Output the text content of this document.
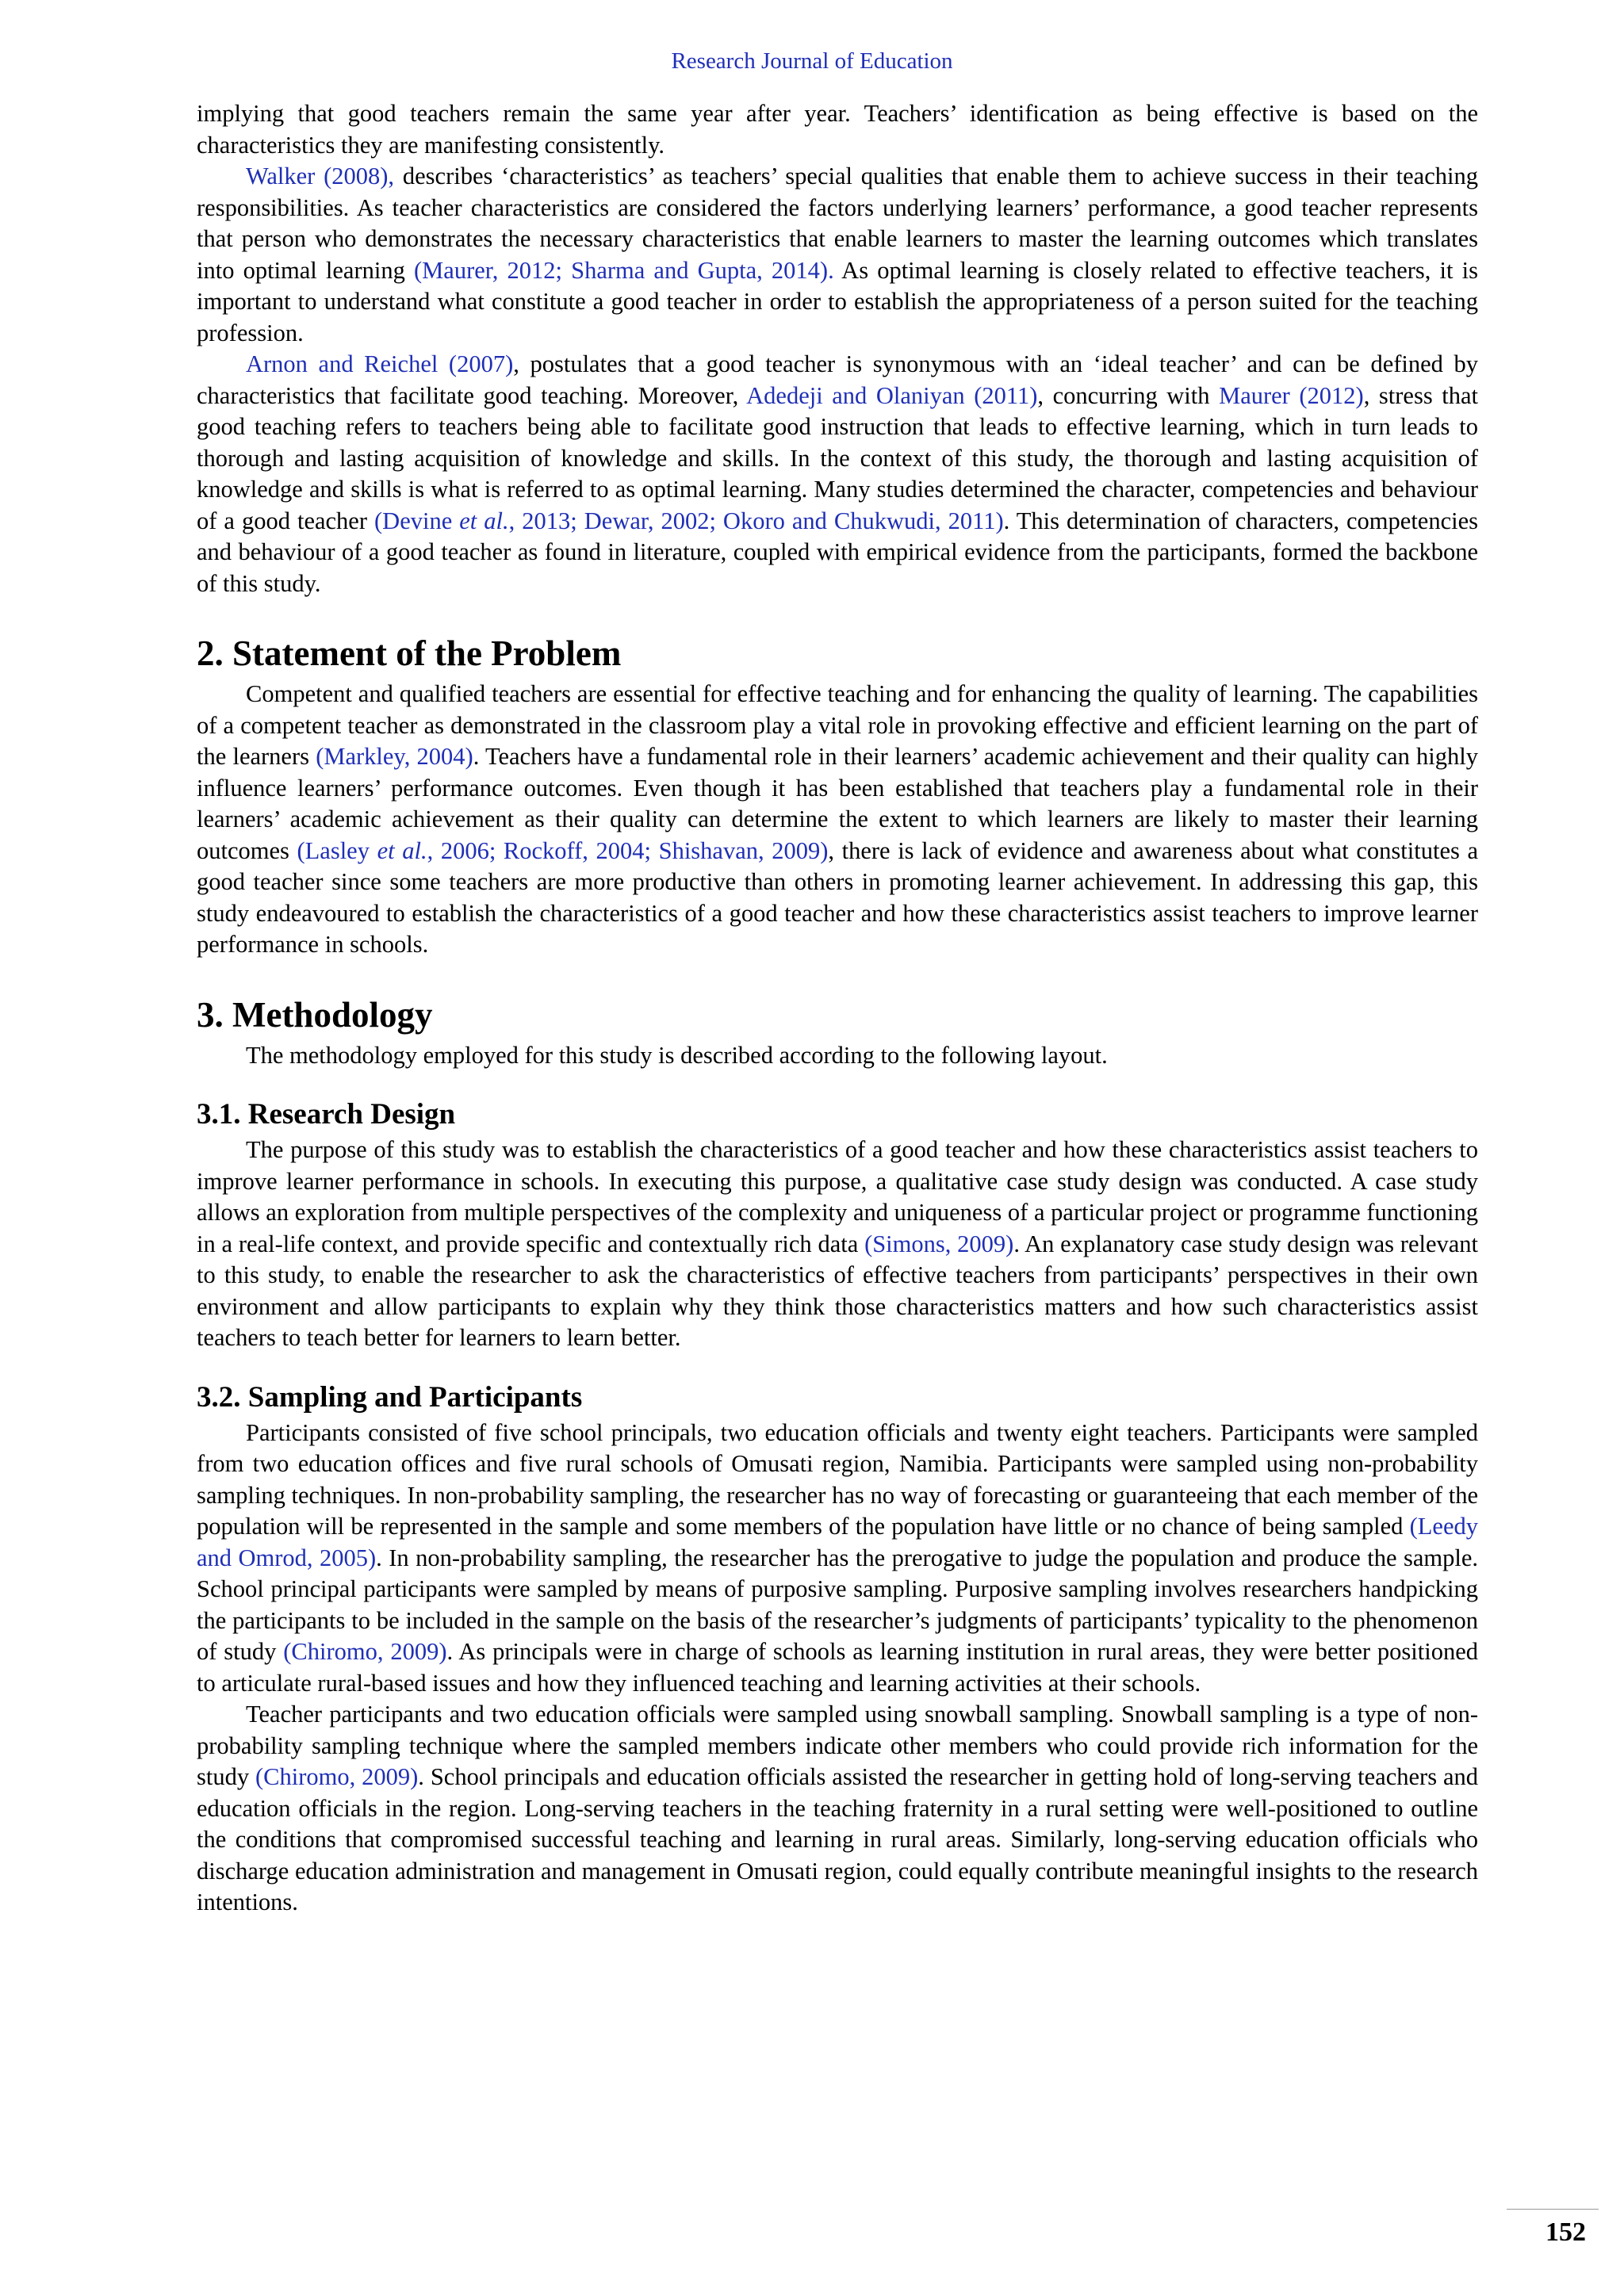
Research Journal of Education

implying that good teachers remain the same year after year. Teachers’ identification as being effective is based on the characteristics they are manifesting consistently.

Walker (2008), describes ‘characteristics’ as teachers’ special qualities that enable them to achieve success in their teaching responsibilities. As teacher characteristics are considered the factors underlying learners’ performance, a good teacher represents that person who demonstrates the necessary characteristics that enable learners to master the learning outcomes which translates into optimal learning (Maurer, 2012; Sharma and Gupta, 2014). As optimal learning is closely related to effective teachers, it is important to understand what constitute a good teacher in order to establish the appropriateness of a person suited for the teaching profession.

Arnon and Reichel (2007), postulates that a good teacher is synonymous with an ‘ideal teacher’ and can be defined by characteristics that facilitate good teaching. Moreover, Adedeji and Olaniyan (2011), concurring with Maurer (2012), stress that good teaching refers to teachers being able to facilitate good instruction that leads to effective learning, which in turn leads to thorough and lasting acquisition of knowledge and skills. In the context of this study, the thorough and lasting acquisition of knowledge and skills is what is referred to as optimal learning. Many studies determined the character, competencies and behaviour of a good teacher (Devine et al., 2013; Dewar, 2002; Okoro and Chukwudi, 2011). This determination of characters, competencies and behaviour of a good teacher as found in literature, coupled with empirical evidence from the participants, formed the backbone of this study.

2. Statement of the Problem

Competent and qualified teachers are essential for effective teaching and for enhancing the quality of learning. The capabilities of a competent teacher as demonstrated in the classroom play a vital role in provoking effective and efficient learning on the part of the learners (Markley, 2004). Teachers have a fundamental role in their learners’ academic achievement and their quality can highly influence learners’ performance outcomes. Even though it has been established that teachers play a fundamental role in their learners’ academic achievement as their quality can determine the extent to which learners are likely to master their learning outcomes (Lasley et al., 2006; Rockoff, 2004; Shishavan, 2009), there is lack of evidence and awareness about what constitutes a good teacher since some teachers are more productive than others in promoting learner achievement. In addressing this gap, this study endeavoured to establish the characteristics of a good teacher and how these characteristics assist teachers to improve learner performance in schools.

3. Methodology

The methodology employed for this study is described according to the following layout.

3.1. Research Design

The purpose of this study was to establish the characteristics of a good teacher and how these characteristics assist teachers to improve learner performance in schools. In executing this purpose, a qualitative case study design was conducted. A case study allows an exploration from multiple perspectives of the complexity and uniqueness of a particular project or programme functioning in a real-life context, and provide specific and contextually rich data (Simons, 2009). An explanatory case study design was relevant to this study, to enable the researcher to ask the characteristics of effective teachers from participants’ perspectives in their own environment and allow participants to explain why they think those characteristics matters and how such characteristics assist teachers to teach better for learners to learn better.

3.2. Sampling and Participants

Participants consisted of five school principals, two education officials and twenty eight teachers. Participants were sampled from two education offices and five rural schools of Omusati region, Namibia. Participants were sampled using non-probability sampling techniques. In non-probability sampling, the researcher has no way of forecasting or guaranteeing that each member of the population will be represented in the sample and some members of the population have little or no chance of being sampled (Leedy and Omrod, 2005). In non-probability sampling, the researcher has the prerogative to judge the population and produce the sample. School principal participants were sampled by means of purposive sampling. Purposive sampling involves researchers handpicking the participants to be included in the sample on the basis of the researcher’s judgments of participants’ typicality to the phenomenon of study (Chiromo, 2009). As principals were in charge of schools as learning institution in rural areas, they were better positioned to articulate rural-based issues and how they influenced teaching and learning activities at their schools.

Teacher participants and two education officials were sampled using snowball sampling. Snowball sampling is a type of non-probability sampling technique where the sampled members indicate other members who could provide rich information for the study (Chiromo, 2009). School principals and education officials assisted the researcher in getting hold of long-serving teachers and education officials in the region. Long-serving teachers in the teaching fraternity in a rural setting were well-positioned to outline the conditions that compromised successful teaching and learning in rural areas. Similarly, long-serving education officials who discharge education administration and management in Omusati region, could equally contribute meaningful insights to the research intentions.

152
